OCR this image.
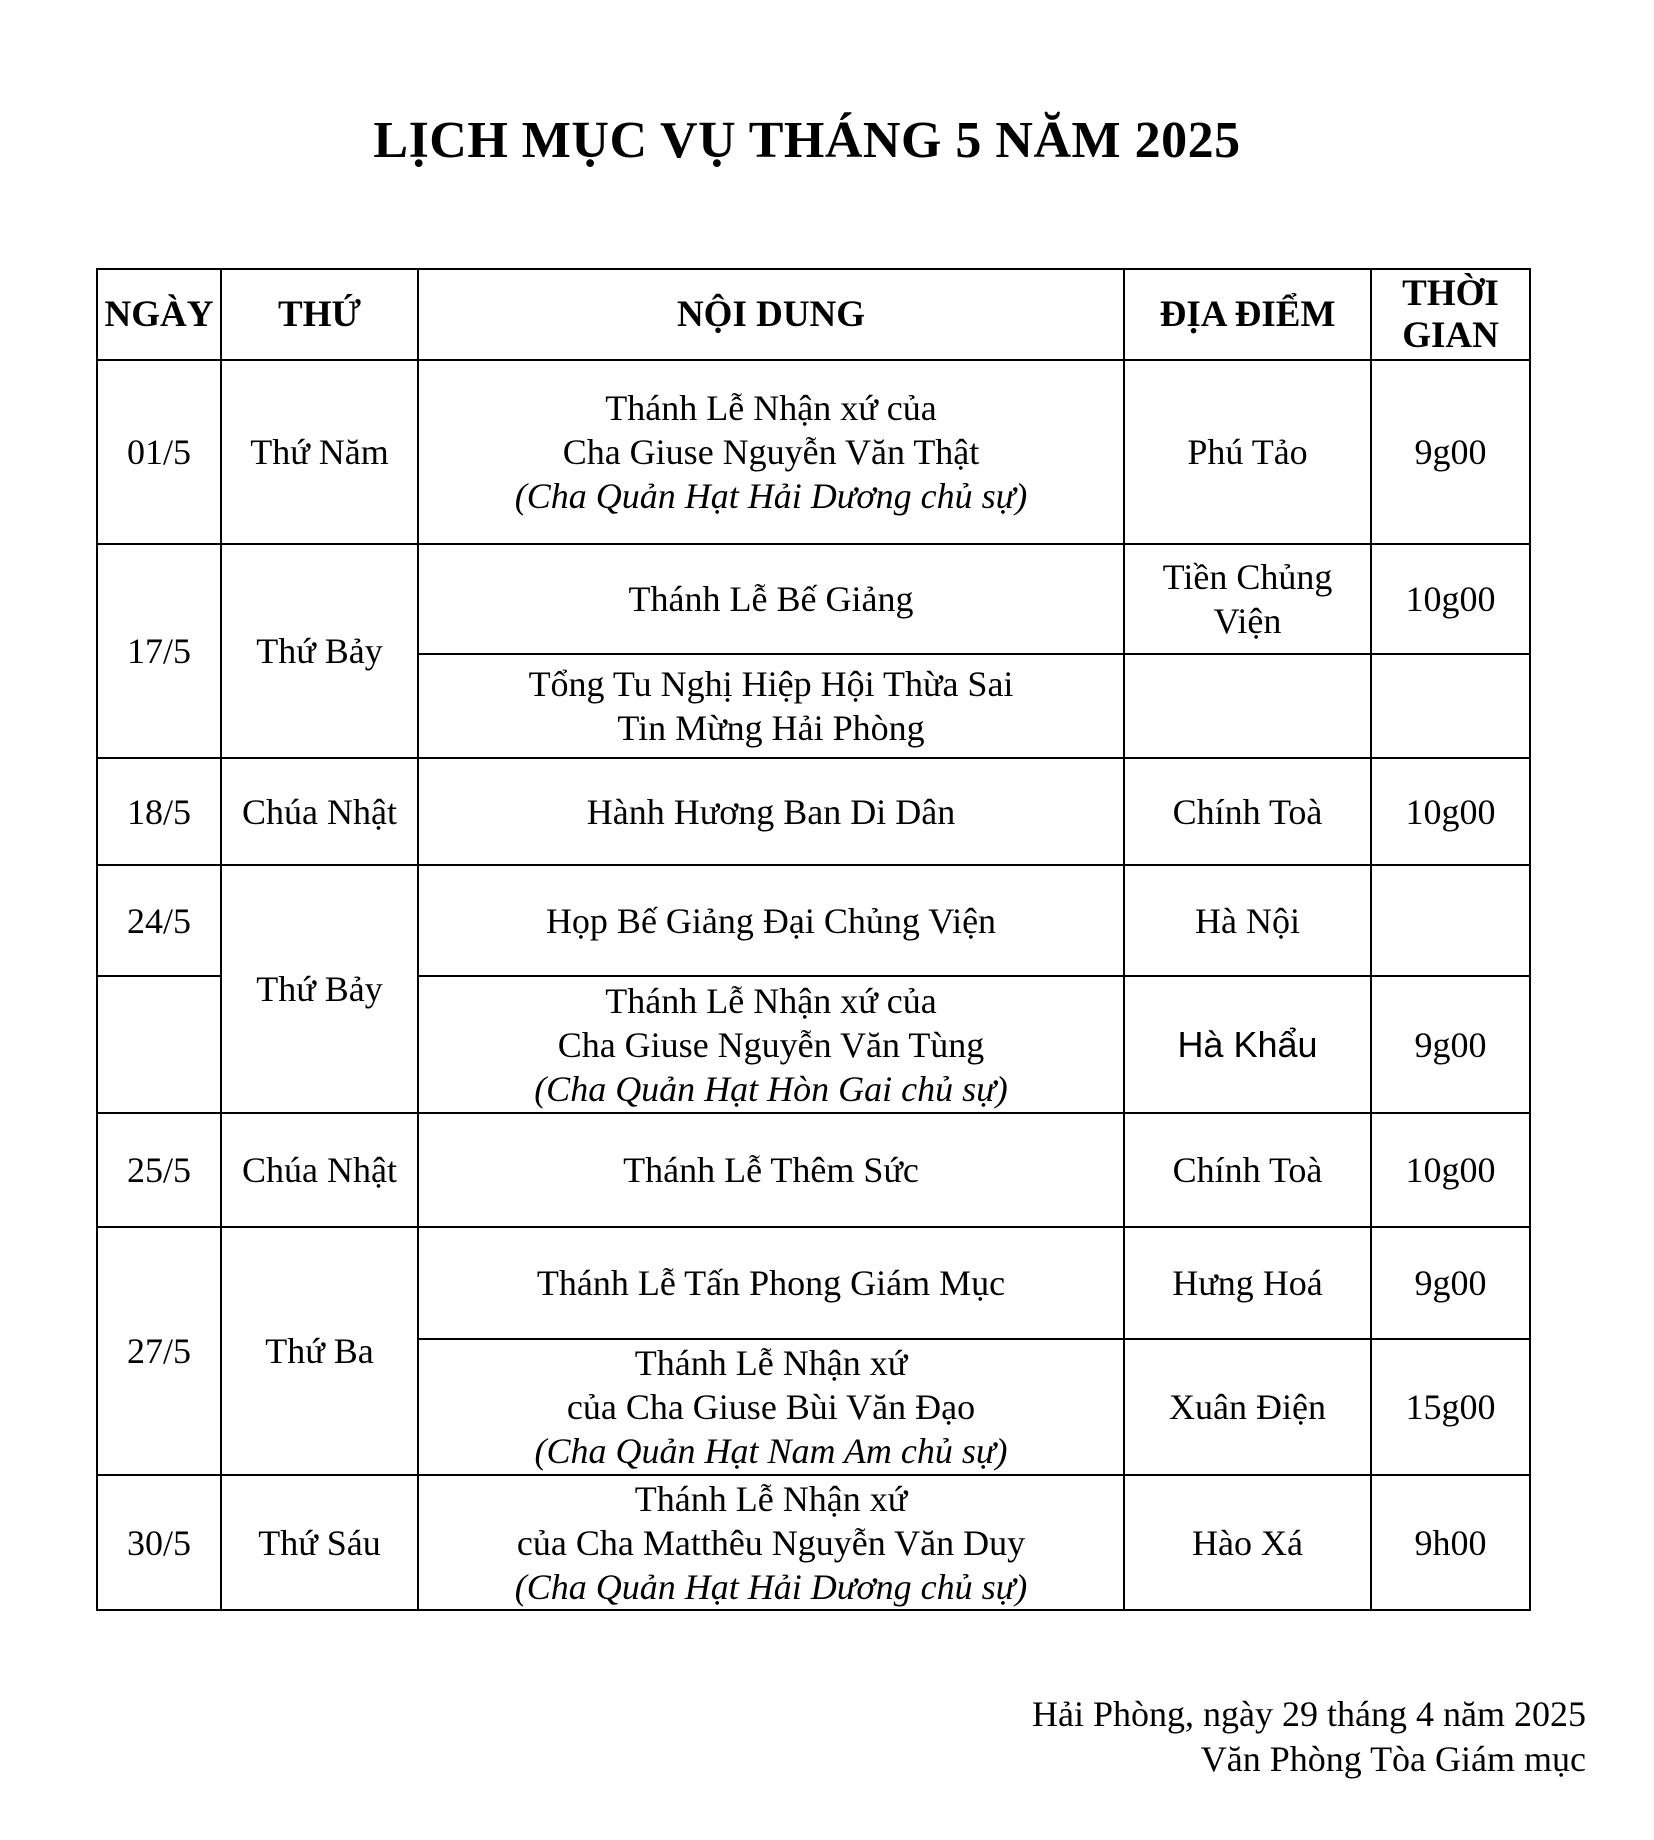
LỊCH MỤC VỤ THÁNG 5 NĂM 2025
NGÀY	THỨ	NỘI DUNG	ĐỊA ĐIỂM	THỜI
GIAN

01/5	Thứ Năm	Thánh Lễ Nhận xứ của
Cha Giuse Nguyễn Văn Thật
(Cha Quản Hạt Hải Dương chủ sự)	Phú Tảo	9g00
17/5	Thứ Bảy	Thánh Lễ Bế Giảng	Tiền Chủng
Viện	10g00

		Tổng Tu Nghị Hiệp Hội Thừa Sai
Tin Mừng Hải Phòng		

18/5	Chúa Nhật	Hành Hương Ban Di Dân	Chính Toà	10g00
24/5	Thứ Bảy	Họp Bế Giảng Đại Chủng Viện	Hà Nội	

		Thánh Lễ Nhận xứ của
Cha Giuse Nguyễn Văn Tùng
(Cha Quản Hạt Hòn Gai chủ sự)	Hà Khẩu	9g00
25/5	Chúa Nhật	Thánh Lễ Thêm Sức	Chính Toà	10g00
27/5	Thứ Ba	Thánh Lễ Tấn Phong Giám Mục	Hưng Hoá	9g00

		Thánh Lễ Nhận xứ
của Cha Giuse Bùi Văn Đạo
(Cha Quản Hạt Nam Am chủ sự)	Xuân Điện	15g00
30/5	Thứ Sáu	Thánh Lễ Nhận xứ
của Cha Matthêu Nguyễn Văn Duy
(Cha Quản Hạt Hải Dương chủ sự)	Hào Xá	9h00
Hải Phòng, ngày 29 tháng 4 năm 2025
Văn Phòng Tòa Giám mục
